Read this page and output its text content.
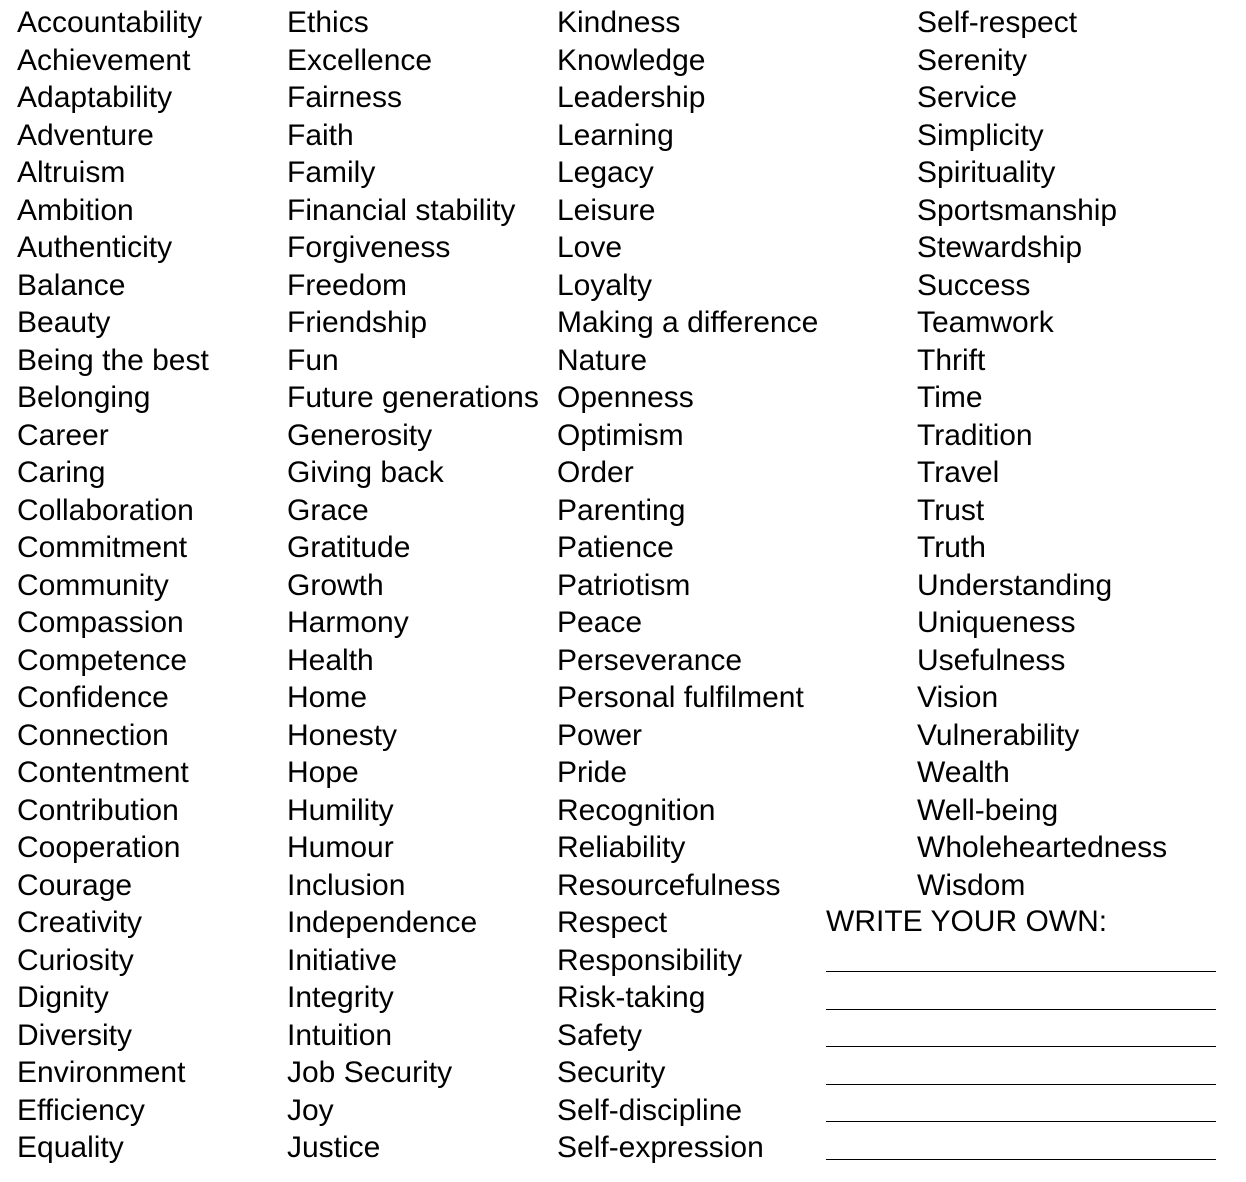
Accountability
Achievement
Adaptability
Adventure
Altruism
Ambition
Authenticity
Balance
Beauty
Being the best
Belonging
Career
Caring
Collaboration
Commitment
Community
Compassion
Competence
Confidence
Connection
Contentment
Contribution
Cooperation
Courage
Creativity
Curiosity
Dignity
Diversity
Environment
Efficiency
Equality
Ethics
Excellence
Fairness
Faith
Family
Financial stability
Forgiveness
Freedom
Friendship
Fun
Future generations
Generosity
Giving back
Grace
Gratitude
Growth
Harmony
Health
Home
Honesty
Hope
Humility
Humour
Inclusion
Independence
Initiative
Integrity
Intuition
Job Security
Joy
Justice
Kindness
Knowledge
Leadership
Learning
Legacy
Leisure
Love
Loyalty
Making a difference
Nature
Openness
Optimism
Order
Parenting
Patience
Patriotism
Peace
Perseverance
Personal fulfilment
Power
Pride
Recognition
Reliability
Resourcefulness
Respect
Responsibility
Risk-taking
Safety
Security
Self-discipline
Self-expression
Self-respect
Serenity
Service
Simplicity
Spirituality
Sportsmanship
Stewardship
Success
Teamwork
Thrift
Time
Tradition
Travel
Trust
Truth
Understanding
Uniqueness
Usefulness
Vision
Vulnerability
Wealth
Well-being
Wholeheartedness
Wisdom
WRITE YOUR OWN:
